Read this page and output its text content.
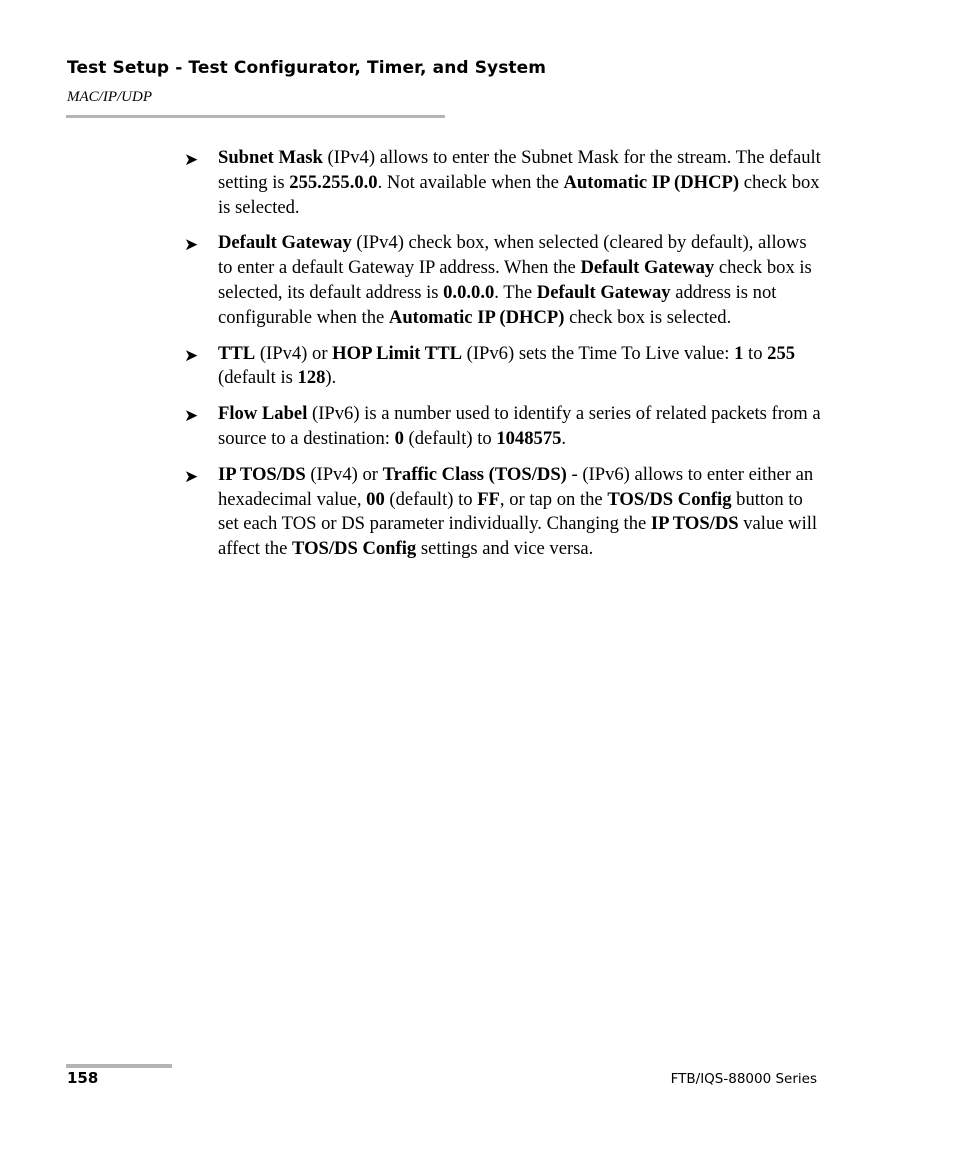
Test Setup - Test Configurator, Timer, and System
MAC/IP/UDP
➤ Subnet Mask (IPv4) allows to enter the Subnet Mask for the stream. The default setting is 255.255.0.0. Not available when the Automatic IP (DHCP) check box is selected.
➤ Default Gateway (IPv4) check box, when selected (cleared by default), allows to enter a default Gateway IP address. When the Default Gateway check box is selected, its default address is 0.0.0.0. The Default Gateway address is not configurable when the Automatic IP (DHCP) check box is selected.
➤ TTL (IPv4) or HOP Limit TTL (IPv6) sets the Time To Live value: 1 to 255 (default is 128).
➤ Flow Label (IPv6) is a number used to identify a series of related packets from a source to a destination: 0 (default) to 1048575.
➤ IP TOS/DS (IPv4) or Traffic Class (TOS/DS) - (IPv6) allows to enter either an hexadecimal value, 00 (default) to FF, or tap on the TOS/DS Config button to set each TOS or DS parameter individually. Changing the IP TOS/DS value will affect the TOS/DS Config settings and vice versa.
158	FTB/IQS-88000 Series
